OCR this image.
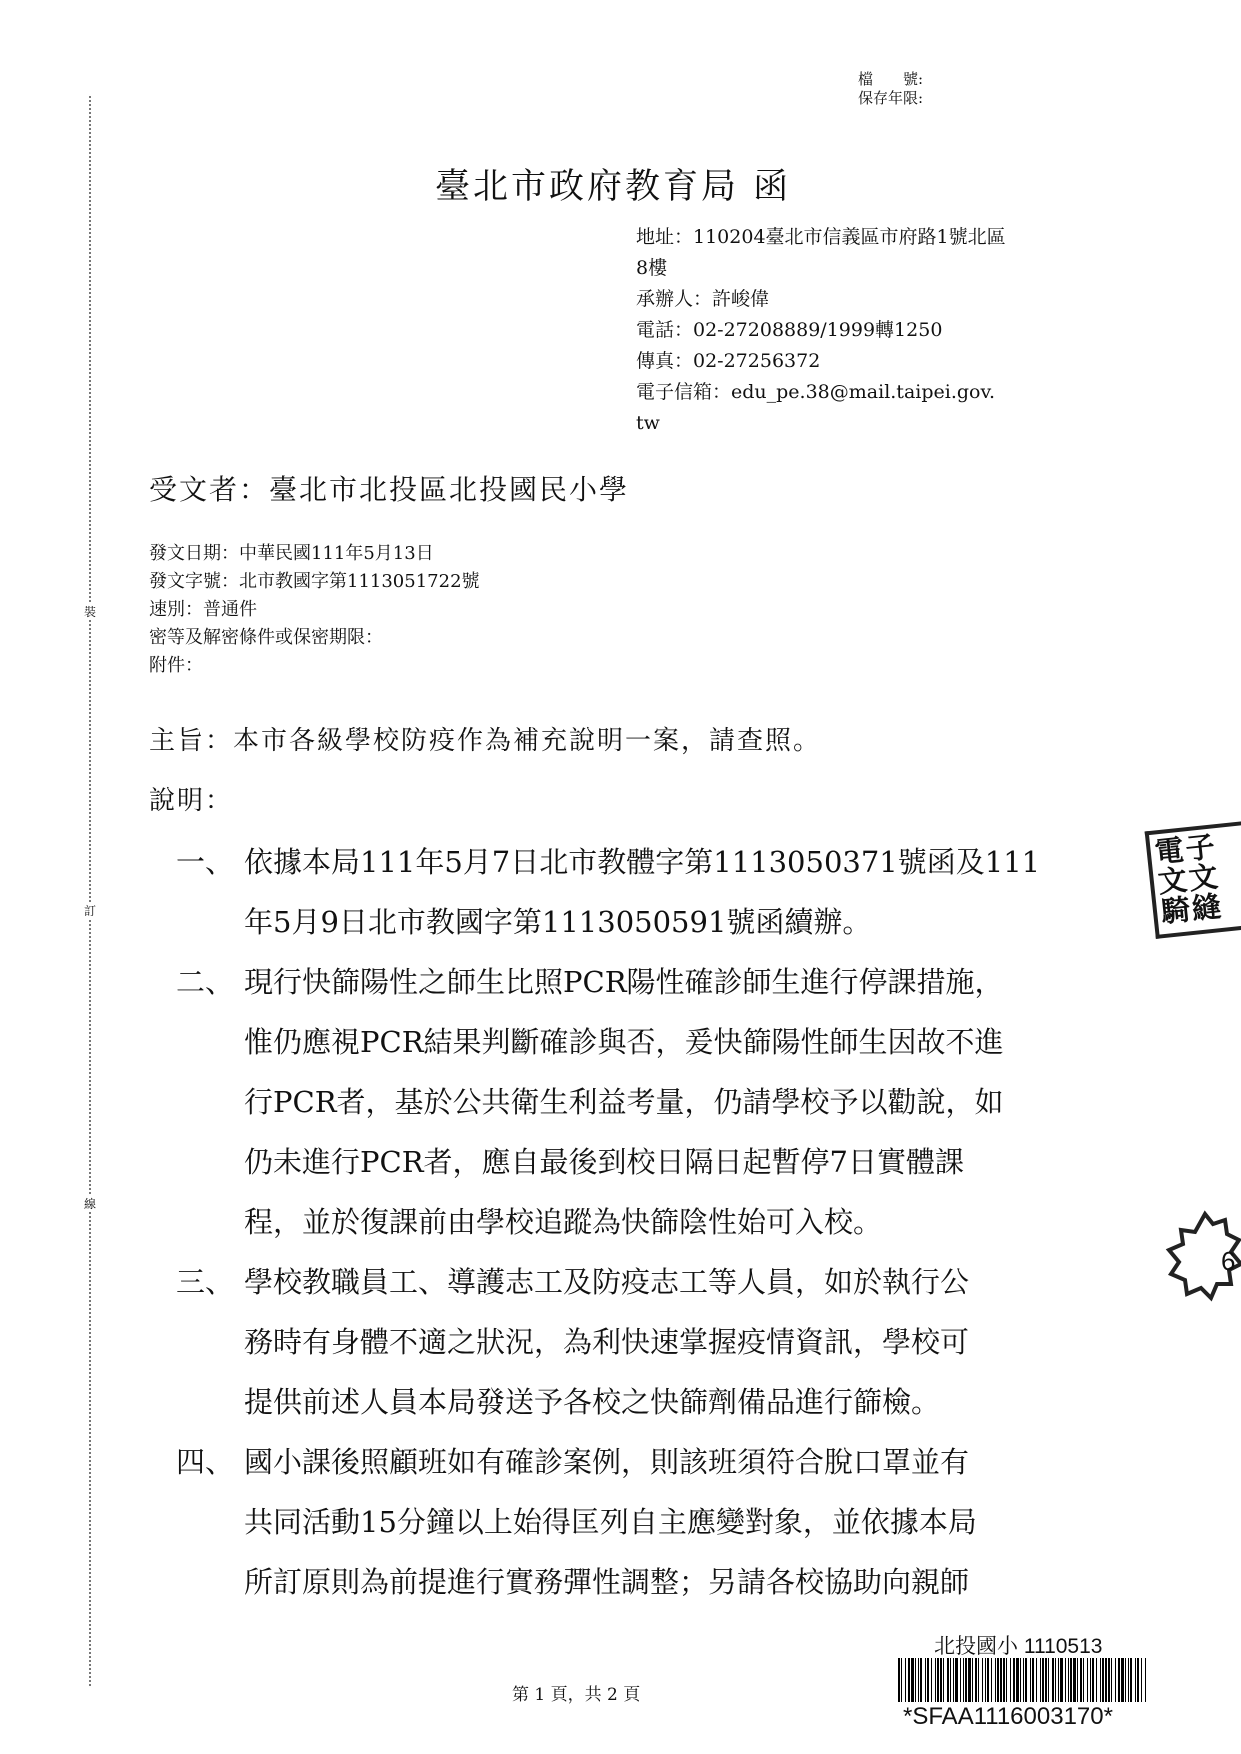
裝
訂
線
檔　　號:
保存年限:
臺北市政府教育局 函
地址：110204臺北市信義區市府路1號北區
8樓
承辦人：許峻偉
電話：02-27208889/1999轉1250
傳真：02-27256372
電子信箱：edu_pe.38@mail.taipei.gov.
tw
受文者：臺北市北投區北投國民小學
發文日期：中華民國111年5月13日
發文字號：北市教國字第1113051722號
速別：普通件
密等及解密條件或保密期限：
附件：
主旨：本市各級學校防疫作為補充說明一案，請查照。
說明：
一、 依據本局111年5月7日北市教體字第1113050371號函及111
年5月9日北市教國字第1113050591號函續辦。
二、 現行快篩陽性之師生比照PCR陽性確診師生進行停課措施，
惟仍應視PCR結果判斷確診與否，爰快篩陽性師生因故不進
行PCR者，基於公共衛生利益考量，仍請學校予以勸說，如
仍未進行PCR者，應自最後到校日隔日起暫停7日實體課
程，並於復課前由學校追蹤為快篩陰性始可入校。
三、 學校教職員工、導護志工及防疫志工等人員，如於執行公
務時有身體不適之狀況，為利快速掌握疫情資訊，學校可
提供前述人員本局發送予各校之快篩劑備品進行篩檢。
四、 國小課後照顧班如有確診案例，則該班須符合脫口罩並有
共同活動15分鐘以上始得匡列自主應變對象，並依據本局
所訂原則為前提進行實務彈性調整；另請各校協助向親師
電子
文文
騎縫
6
第 1 頁，共 2 頁
北投國小 1110513
*SFAA1116003170*
